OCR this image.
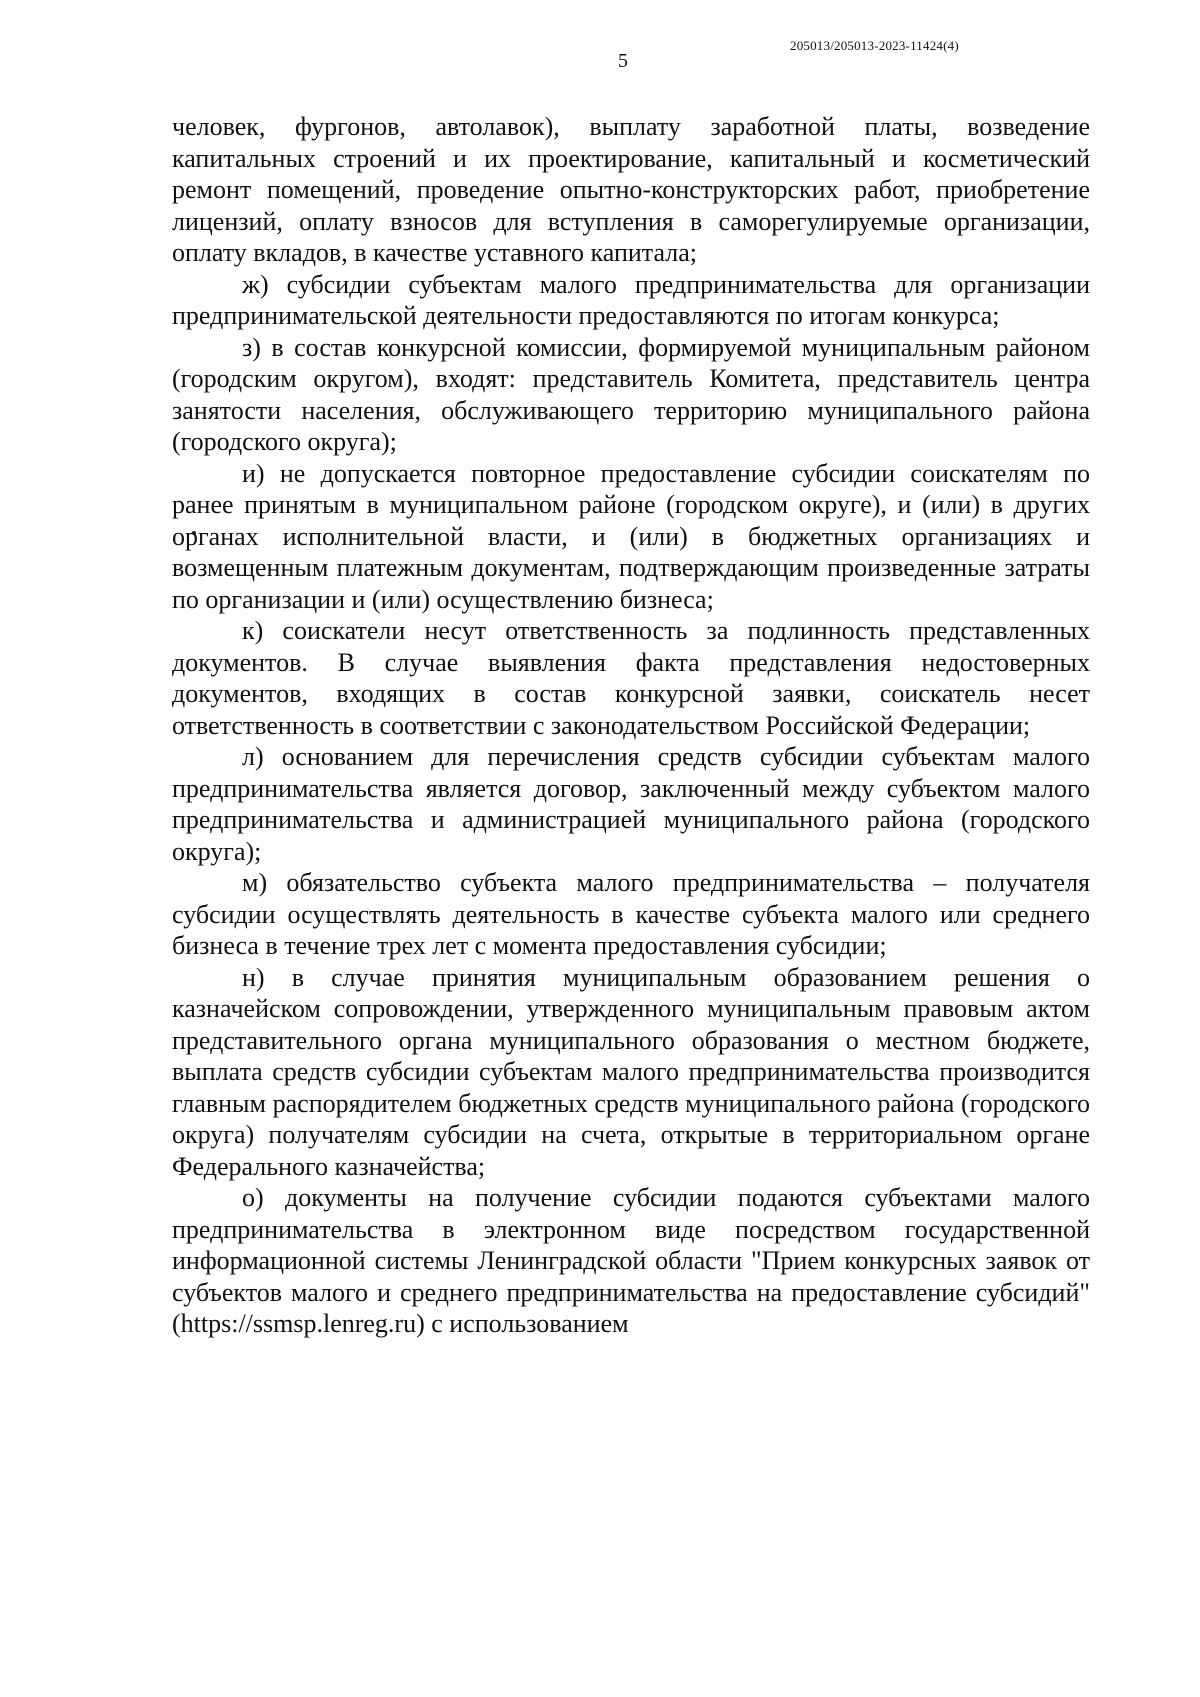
205013/205013-2023-11424(4)
5

человек, фургонов, автолавок), выплату заработной платы, возведение капитальных строений и их проектирование, капитальный и косметический ремонт помещений, проведение опытно-конструкторских работ, приобретение лицензий, оплату взносов для вступления в саморегулируемые организации, оплату вкладов, в качестве уставного капитала;

ж) субсидии субъектам малого предпринимательства для организации предпринимательской деятельности предоставляются по итогам конкурса;

з) в состав конкурсной комиссии, формируемой муниципальным районом (городским округом), входят: представитель Комитета, представитель центра занятости населения, обслуживающего территорию муниципального района (городского округа);

и) не допускается повторное предоставление субсидии соискателям по ранее принятым в муниципальном районе (городском округе), и (или) в других органах исполнительной власти, и (или) в бюджетных организациях и возмещенным платежным документам, подтверждающим произведенные затраты по организации и (или) осуществлению бизнеса;

к) соискатели несут ответственность за подлинность представленных документов. В случае выявления факта представления недостоверных документов, входящих в состав конкурсной заявки, соискатель несет ответственность в соответствии с законодательством Российской Федерации;

л) основанием для перечисления средств субсидии субъектам малого предпринимательства является договор, заключенный между субъектом малого предпринимательства и администрацией муниципального района (городского округа);

м) обязательство субъекта малого предпринимательства – получателя субсидии осуществлять деятельность в качестве субъекта малого или среднего бизнеса в течение трех лет с момента предоставления субсидии;

н) в случае принятия муниципальным образованием решения о казначейском сопровождении, утвержденного муниципальным правовым актом представительного органа муниципального образования о местном бюджете, выплата средств субсидии субъектам малого предпринимательства производится главным распорядителем бюджетных средств муниципального района (городского округа) получателям субсидии на счета, открытые в территориальном органе Федерального казначейства;

о) документы на получение субсидии подаются субъектами малого предпринимательства в электронном виде посредством государственной информационной системы Ленинградской области "Прием конкурсных заявок от субъектов малого и среднего предпринимательства на предоставление субсидий" (https://ssmsp.lenreg.ru) с использованием
